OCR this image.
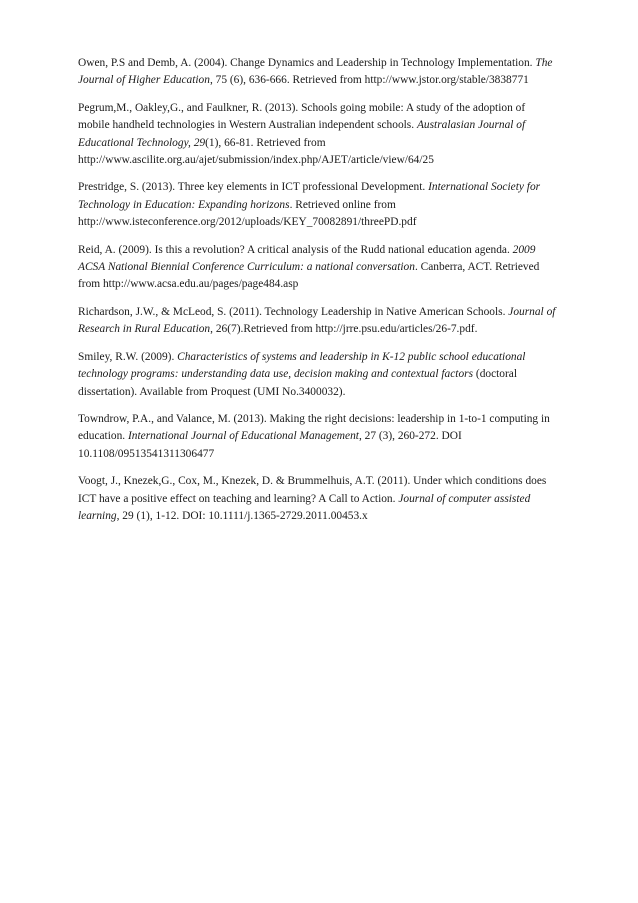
Owen, P.S and Demb, A. (2004). Change Dynamics and Leadership in Technology Implementation. The Journal of Higher Education, 75 (6), 636-666. Retrieved from http://www.jstor.org/stable/3838771

Pegrum,M., Oakley,G., and Faulkner, R. (2013). Schools going mobile: A study of the adoption of mobile handheld technologies in Western Australian independent schools. Australasian Journal of Educational Technology, 29(1), 66-81. Retrieved from http://www.ascilite.org.au/ajet/submission/index.php/AJET/article/view/64/25

Prestridge, S. (2013). Three key elements in ICT professional Development. International Society for Technology in Education: Expanding horizons. Retrieved online from http://www.isteconference.org/2012/uploads/KEY_70082891/threePD.pdf

Reid, A. (2009). Is this a revolution? A critical analysis of the Rudd national education agenda. 2009 ACSA National Biennial Conference Curriculum: a national conversation. Canberra, ACT. Retrieved from http://www.acsa.edu.au/pages/page484.asp

Richardson, J.W., & McLeod, S. (2011). Technology Leadership in Native American Schools. Journal of Research in Rural Education, 26(7).Retrieved from http://jrre.psu.edu/articles/26-7.pdf.

Smiley, R.W. (2009). Characteristics of systems and leadership in K-12 public school educational technology programs: understanding data use, decision making and contextual factors (doctoral dissertation). Available from Proquest (UMI No.3400032).

Towndrow, P.A., and Valance, M. (2013). Making the right decisions: leadership in 1-to-1 computing in education. International Journal of Educational Management, 27 (3), 260-272. DOI 10.1108/09513541311306477

Voogt, J., Knezek,G., Cox, M., Knezek, D. & Brummelhuis, A.T. (2011). Under which conditions does ICT have a positive effect on teaching and learning? A Call to Action. Journal of computer assisted learning, 29 (1), 1-12. DOI: 10.1111/j.1365-2729.2011.00453.x
